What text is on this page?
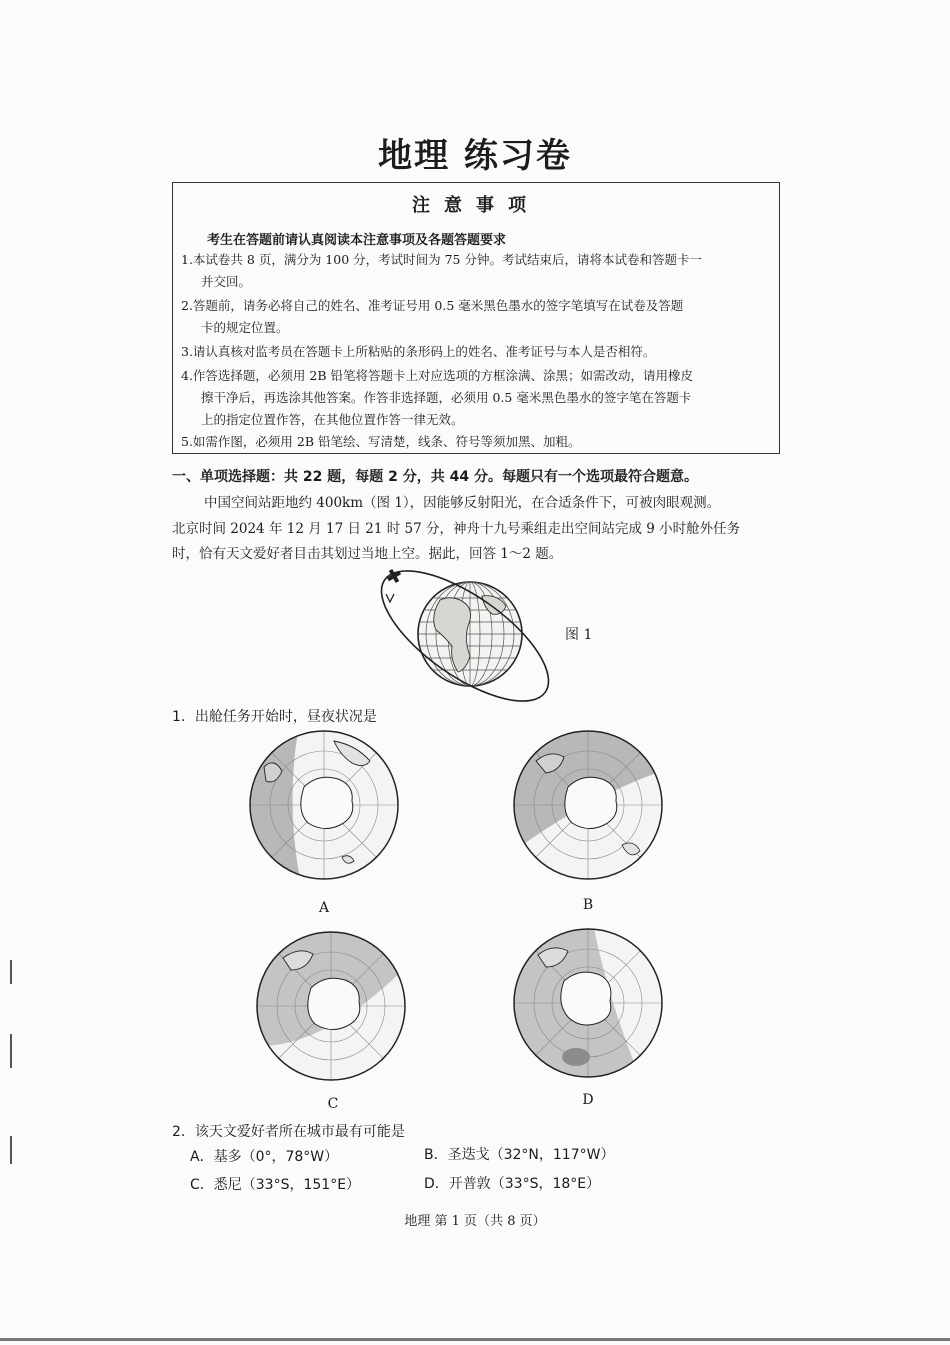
地理 练习卷
注意事项
考生在答题前请认真阅读本注意事项及各题答题要求
1.本试卷共 8 页，满分为 100 分，考试时间为 75 分钟。考试结束后，请将本试卷和答题卡一
并交回。
2.答题前，请务必将自己的姓名、准考证号用 0.5 毫米黑色墨水的签字笔填写在试卷及答题
卡的规定位置。
3.请认真核对监考员在答题卡上所粘贴的条形码上的姓名、准考证号与本人是否相符。
4.作答选择题，必须用 2B 铅笔将答题卡上对应选项的方框涂满、涂黑；如需改动，请用橡皮
擦干净后，再选涂其他答案。作答非选择题，必须用 0.5 毫米黑色墨水的签字笔在答题卡
上的指定位置作答，在其他位置作答一律无效。
5.如需作图，必须用 2B 铅笔绘、写清楚，线条、符号等须加黑、加粗。
一、单项选择题：共 22 题，每题 2 分，共 44 分。每题只有一个选项最符合题意。
中国空间站距地约 400km（图 1），因能够反射阳光，在合适条件下，可被肉眼观测。
北京时间 2024 年 12 月 17 日 21 时 57 分，神舟十九号乘组走出空间站完成 9 小时舱外任务
时，恰有天文爱好者目击其划过当地上空。据此，回答 1～2 题。
图 1
1．出舱任务开始时，昼夜状况是
A	B
C	D
2．该天文爱好者所在城市最有可能是
A．基多（0°，78°W）	B．圣迭戈（32°N，117°W）
C．悉尼（33°S，151°E）	D．开普敦（33°S，18°E）
地理 第 1 页（共 8 页）
